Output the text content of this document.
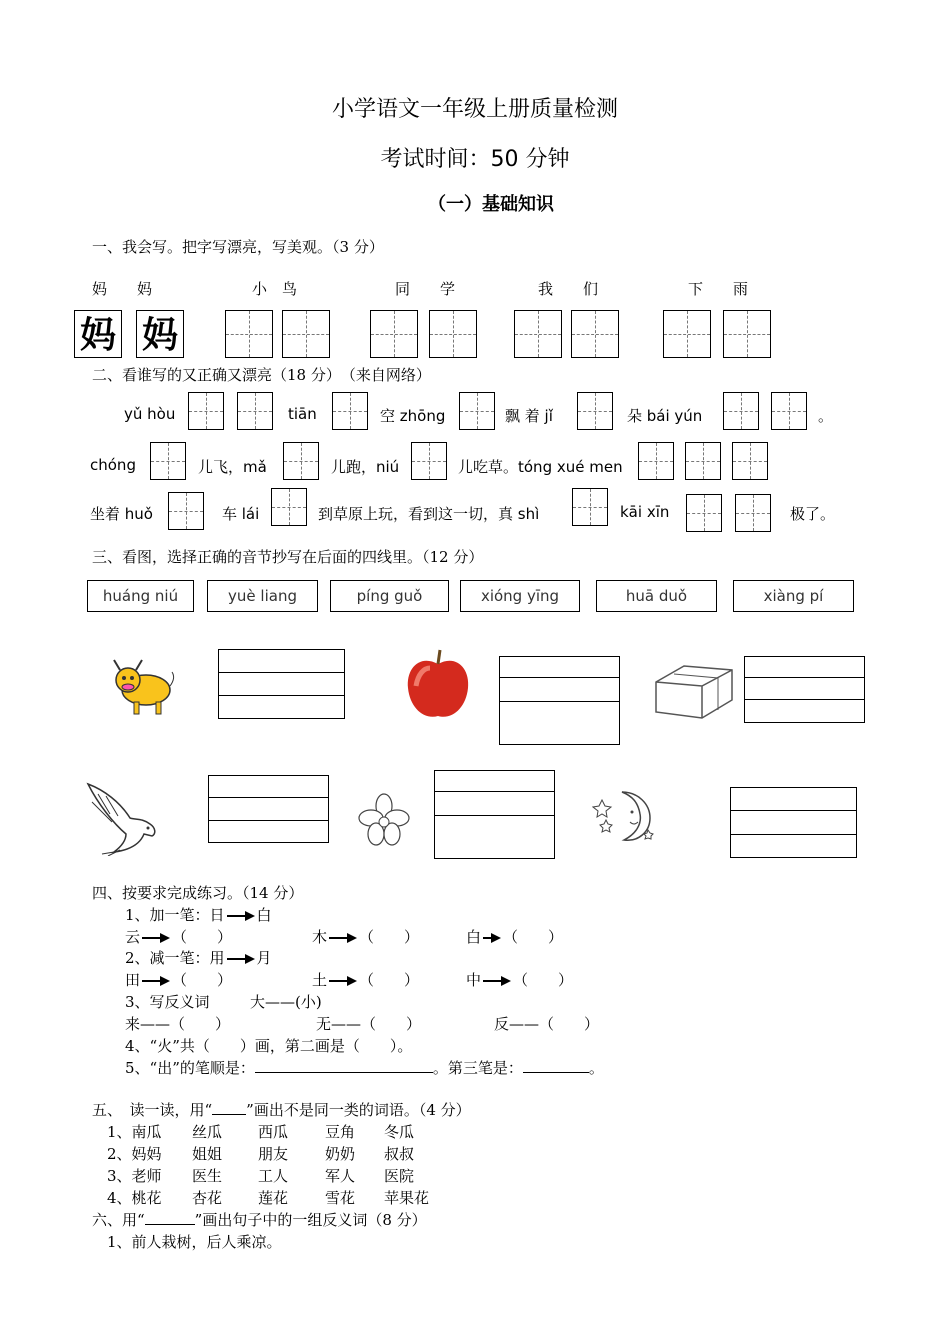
小学语文一年级上册质量检测
考试时间：50 分钟
（一）基础知识
一、我会写。把字写漂亮，写美观。（3 分）
妈　　妈	小　鸟	同　　学	我　　们	下　　雨
妈 妈
二、看谁写的又正确又漂亮（18 分）　（来自网络）
yǔ hòu	tiān	空 zhōng	飘 着 jǐ	朵 bái yún	。
chóng	儿飞，mǎ	儿跑，niú	儿吃草。tóng xué men
坐着 huǒ	车 lái	到草原上玩，看到这一切，真 shì	kāi xīn	极了。
三、看图，选择正确的音节抄写在后面的四线里。（12 分）
huáng niú	yuè liang	píng guǒ	xióng yīng	huā duǒ	xiàng pí
四、按要求完成练习。（14 分）
1、加一笔：日 白
云 （　　）	木 （　　）	白 （　　）
2、减一笔：用 月
田 （　　）	土 （　　）	中 （　　）
3、写反义词	大——(小)
来——（　　）	无——（　　）	反——（　　）
4、“火”共（　　）画，第二画是（　　）。
5、“出”的笔顺是：	。第三笔是：	。
五、　读一读，用“ ”画出不是同一类的词语。（4 分）
1、南瓜 丝瓜 西瓜 豆角 冬瓜
2、妈妈 姐姐 朋友 奶奶 叔叔
3、老师 医生 工人 军人 医院
4、桃花 杏花 莲花 雪花 苹果花
六、用“	”画出句子中的一组反义词（8 分）
1、前人栽树，后人乘凉。
